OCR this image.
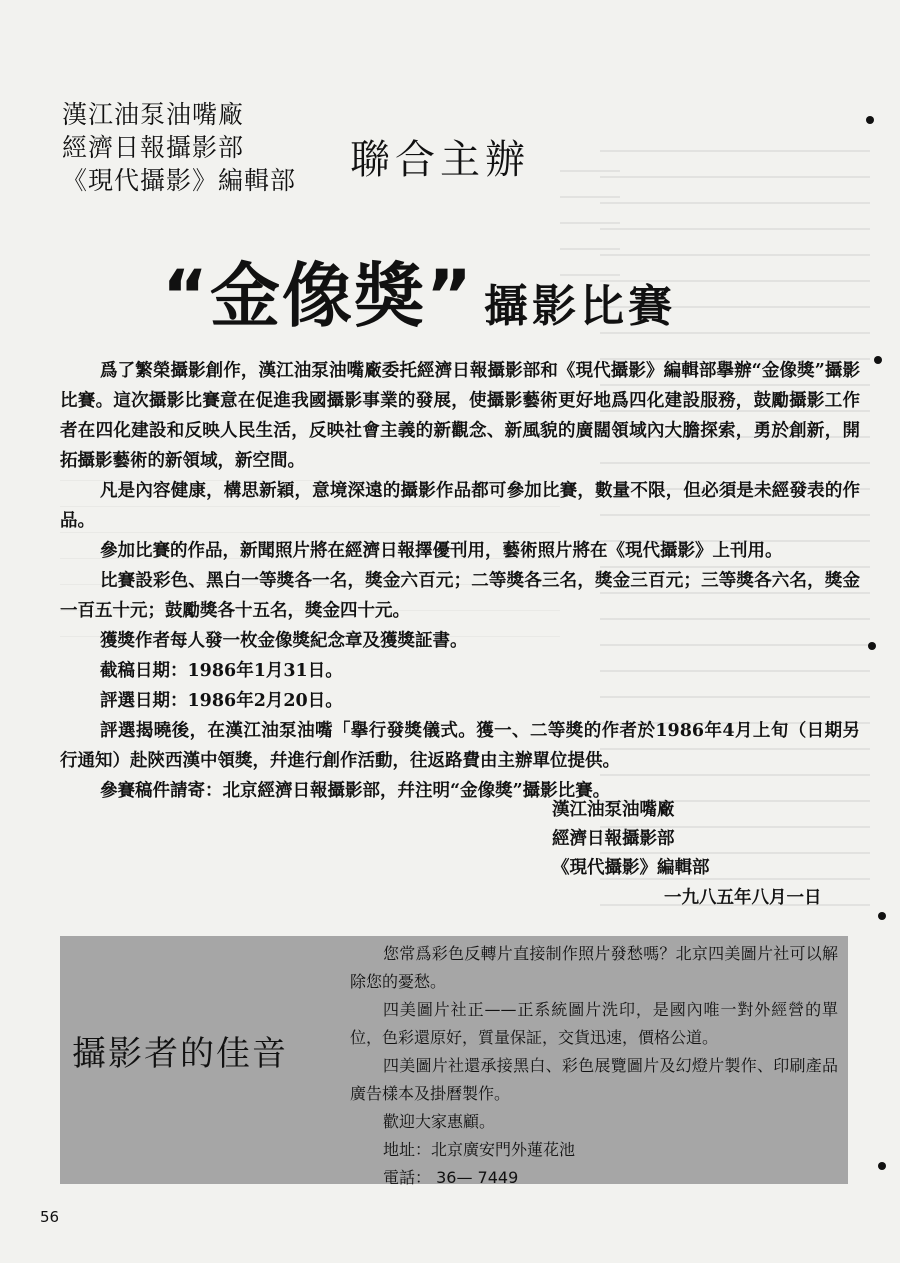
漢江油泵油嘴廠
經濟日報攝影部
《現代攝影》編輯部 聯合主辦
“金像獎” 攝影比賽

爲了繁榮攝影創作，漢江油泵油嘴廠委托經濟日報攝影部和《現代攝影》編輯部擧辦“金像獎”攝影比賽。這次攝影比賽意在促進我國攝影事業的發展，使攝影藝術更好地爲四化建設服務，鼓勵攝影工作者在四化建設和反映人民生活，反映社會主義的新觀念、新風貌的廣闊領域內大膽探索，勇於創新，開拓攝影藝術的新領域，新空間。

凡是內容健康，構思新穎，意境深遠的攝影作品都可參加比賽，數量不限，但必須是未經發表的作品。

參加比賽的作品，新聞照片將在經濟日報擇優刊用，藝術照片將在《現代攝影》上刊用。

比賽設彩色、黑白一等獎各一名，獎金六百元；二等獎各三名，獎金三百元；三等獎各六名，獎金一百五十元；鼓勵獎各十五名，獎金四十元。

獲獎作者每人發一枚金像獎紀念章及獲獎証書。

截稿日期：1986年1月31日。

評選日期：1986年2月20日。

評選揭曉後，在漢江油泵油嘴「擧行發獎儀式。獲一、二等獎的作者於1986年4月上旬（日期另行通知）赴陝西漢中領獎，幷進行創作活動，往返路費由主辦單位提供。

參賽稿件請寄：北京經濟日報攝影部，幷注明“金像獎”攝影比賽。

漢江油泵油嘴廠
經濟日報攝影部
《現代攝影》編輯部
一九八五年八月一日
攝影者的佳音

您常爲彩色反轉片直接制作照片發愁嗎？北京四美圖片社可以解除您的憂愁。

四美圖片社正——正系統圖片洗印，是國內唯一對外經營的單位，色彩還原好，質量保証，交貨迅速，價格公道。

四美圖片社還承接黑白、彩色展覽圖片及幻燈片製作、印刷產品廣告樣本及掛曆製作。

歡迎大家惠顧。

地址：北京廣安門外蓮花池

電話： 36— 7449

56
